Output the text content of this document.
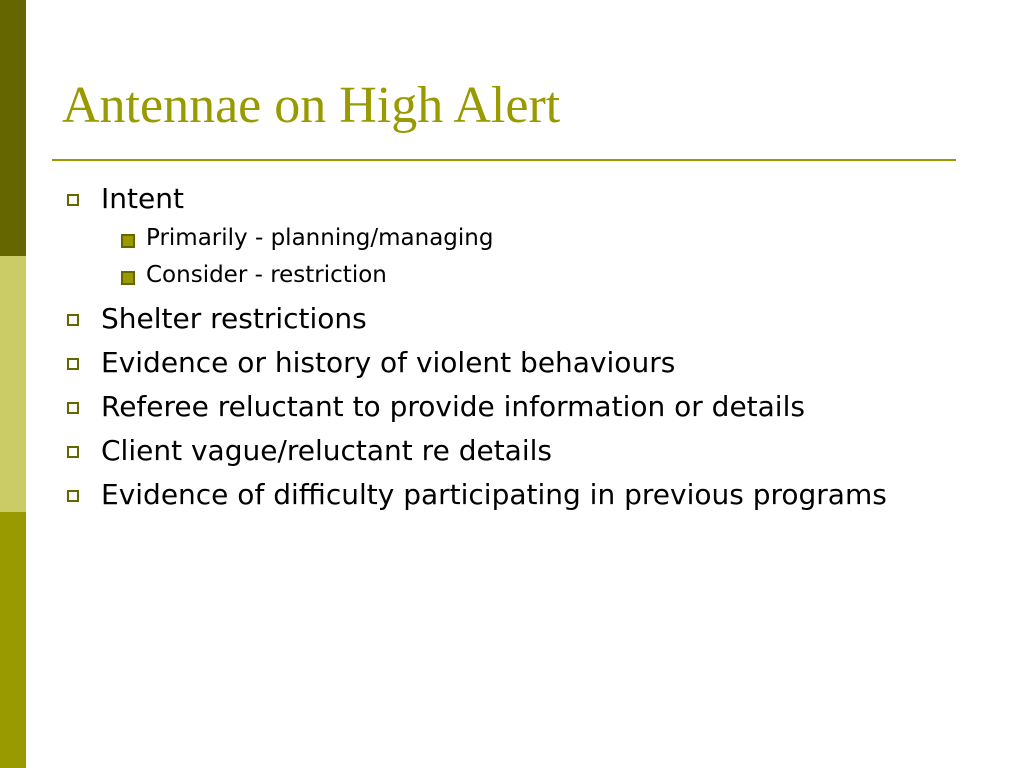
Antennae on High Alert
Intent
Primarily - planning/managing
Consider - restriction
Shelter restrictions
Evidence or history of violent behaviours
Referee reluctant to provide information or details
Client vague/reluctant re details
Evidence of difficulty participating in previous programs
